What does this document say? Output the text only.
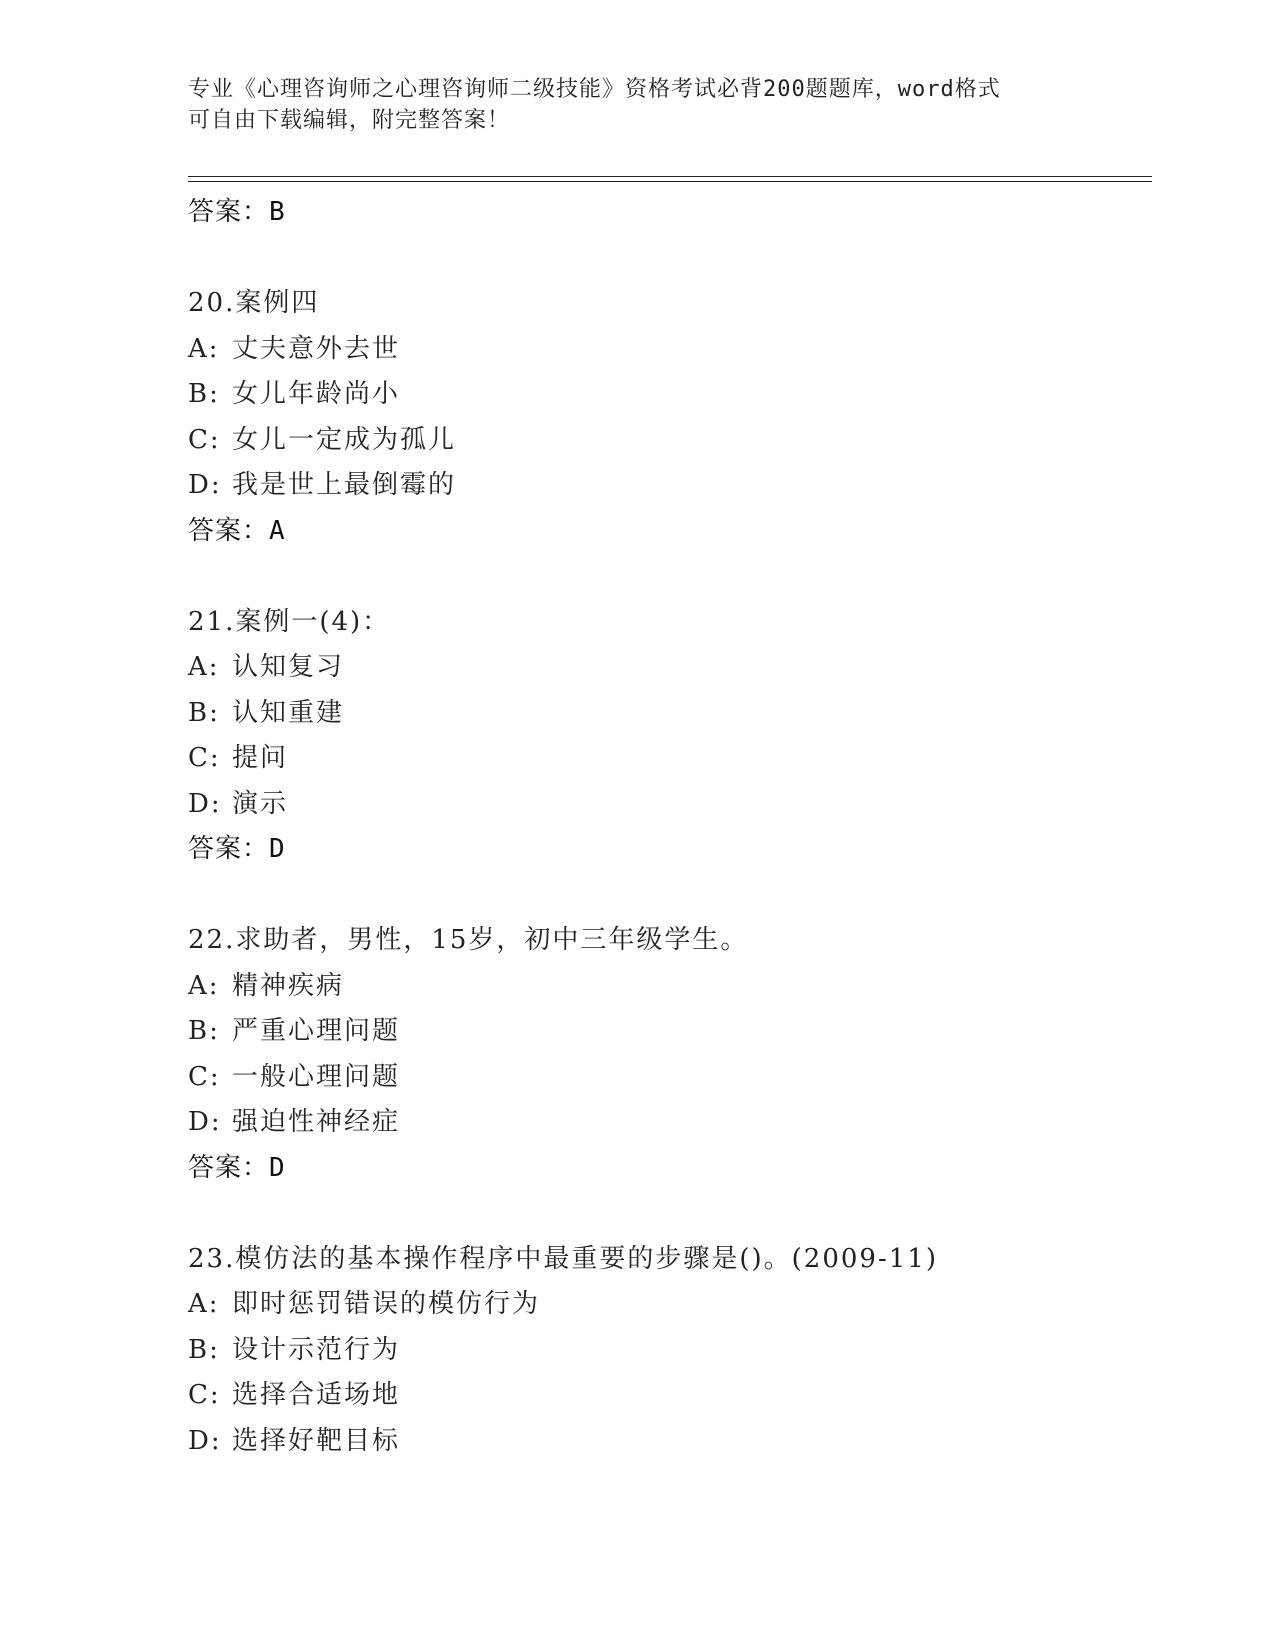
专业《心理咨询师之心理咨询师二级技能》资格考试必背200题题库，word格式
可自由下载编辑，附完整答案！
答案：B
20.案例四
A: 丈夫意外去世
B: 女儿年龄尚小
C: 女儿一定成为孤儿
D: 我是世上最倒霉的
答案：A
21.案例一(4)：
A: 认知复习
B: 认知重建
C: 提问
D: 演示
答案：D
22.求助者，男性，15岁，初中三年级学生。
A: 精神疾病
B: 严重心理问题
C: 一般心理问题
D: 强迫性神经症
答案：D
23.模仿法的基本操作程序中最重要的步骤是()。(2009-11)
A: 即时惩罚错误的模仿行为
B: 设计示范行为
C: 选择合适场地
D: 选择好靶目标
